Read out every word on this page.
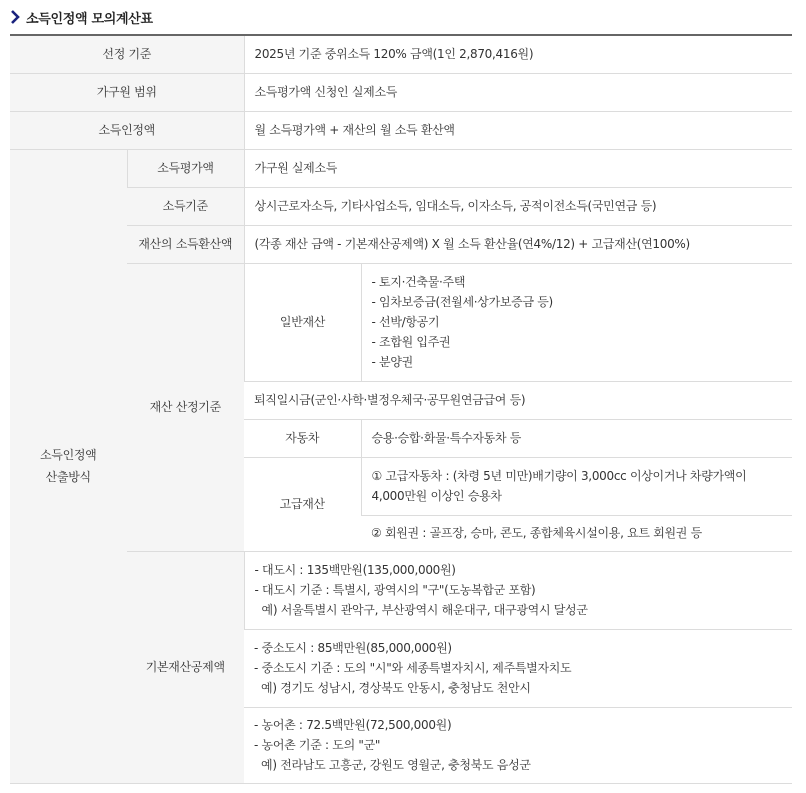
소득인정액 모의계산표
선정 기준		2025년 기준 중위소득 120% 금액(1인 2,870,416원)	
가구원 범위		소득평가액 신청인 실제소득	
소득인정액		월 소득평가액 + 재산의 월 소득 환산액	
소득인정액
산출방식	소득평가액	가구원 실제소득	
	소득기준	상시근로자소득, 기타사업소득, 임대소득, 이자소득, 공적이전소득(국민연금 등)	
	재산의 소득환산액	(각종 재산 금액 - 기본재산공제액) X 월 소득 환산율(연4%/12) + 고급재산(연100%)	
	재산 산정기준	일반재산	- 토지·건축물·주택
- 임차보증금(전월세·상가보증금 등)
- 선박/항공기
- 조합원 입주권
- 분양권

		퇴직일시금(군인·사학·별정우체국·공무원연금급여 등)	
		자동차	승용·승합·화물·특수자동차 등
		고급재산	① 고급자동차 : (차령 5년 미만)배기량이 3,000cc 이상이거나 차량가액이
4,000만원 이상인 승용차

			② 회원권 : 골프장, 승마, 콘도, 종합체육시설이용, 요트 회원권 등
	기본재산공제액	- 대도시 : 135백만원(135,000,000원)
- 대도시 기준 : 특별시, 광역시의 "구"(도농복합군 포함)
예) 서울특별시 관악구, 부산광역시 해운대구, 대구광역시 달성군	

		- 중소도시 : 85백만원(85,000,000원)
- 중소도시 기준 : 도의 "시"와 세종특별자치시, 제주특별자치도
예) 경기도 성남시, 경상북도 안동시, 충청남도 천안시	

		- 농어촌 : 72.5백만원(72,500,000원)
- 농어촌 기준 : 도의 "군"
예) 전라남도 고흥군, 강원도 영월군, 충청북도 음성군	
